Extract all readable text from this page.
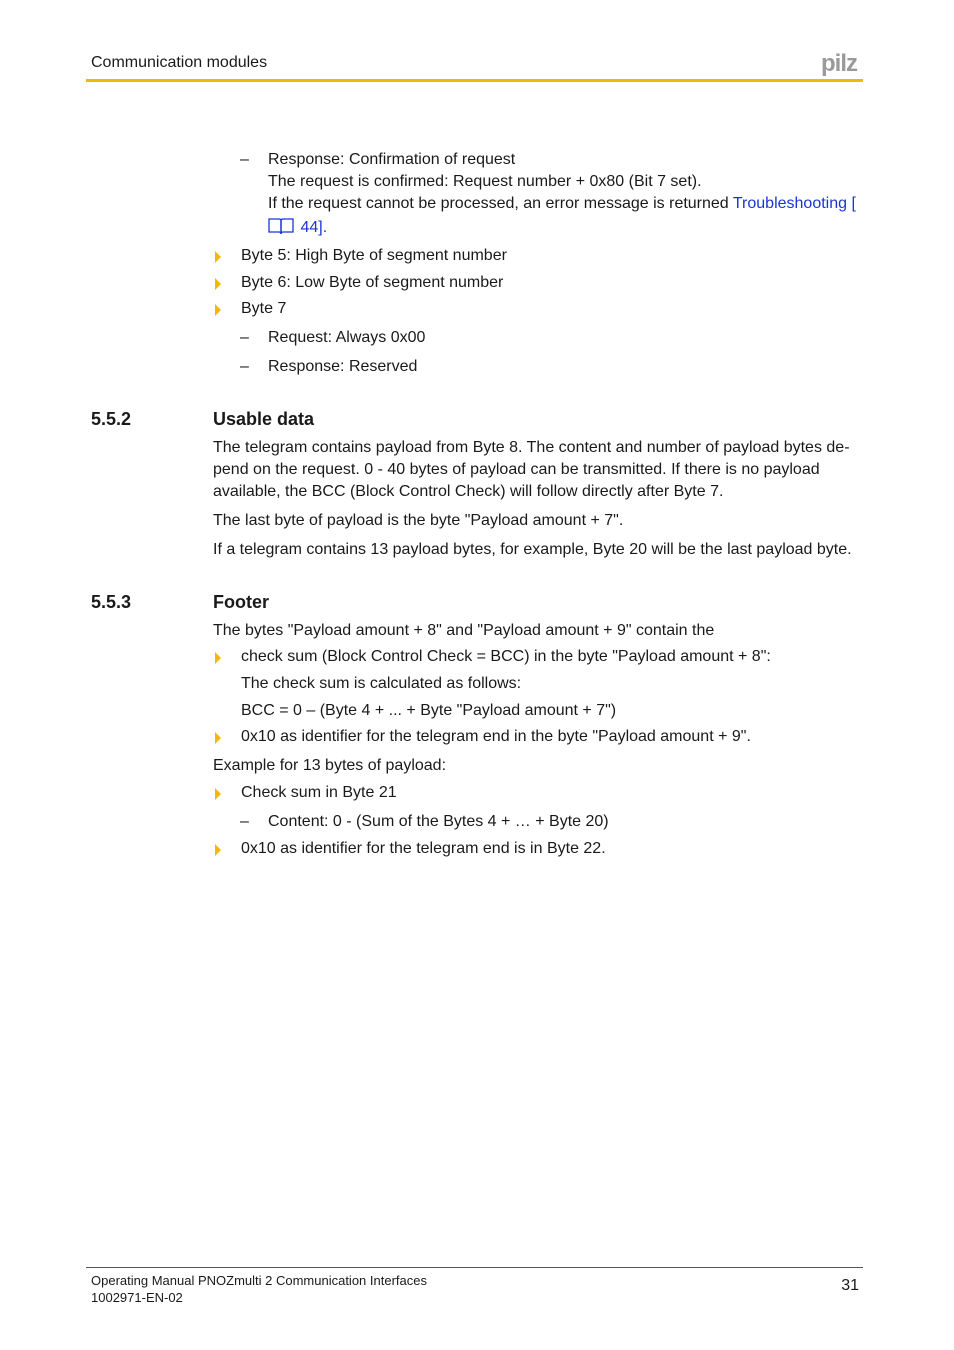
Communication modules	pilz
– Response: Confirmation of request
The request is confirmed: Request number + 0x80 (Bit 7 set).
If the request cannot be processed, an error message is returned Troubleshooting [
44].
Byte 5: High Byte of segment number
Byte 6: Low Byte of segment number
Byte 7
– Request: Always 0x00
– Response: Reserved
5.5.2	Usable data
The telegram contains payload from Byte 8. The content and number of payload bytes de-
pend on the request. 0 - 40 bytes of payload can be transmitted. If there is no payload
available, the BCC (Block Control Check) will follow directly after Byte 7.
The last byte of payload is the byte "Payload amount + 7".
If a telegram contains 13 payload bytes, for example, Byte 20 will be the last payload byte.
5.5.3	Footer
The bytes "Payload amount + 8" and "Payload amount + 9" contain the
check sum (Block Control Check = BCC) in the byte "Payload amount + 8":
The check sum is calculated as follows:
BCC = 0 – (Byte 4 + ... + Byte "Payload amount + 7")
0x10 as identifier for the telegram end in the byte "Payload amount + 9".
Example for 13 bytes of payload:
Check sum in Byte 21
– Content: 0 - (Sum of the Bytes 4 + … + Byte 20)
0x10 as identifier for the telegram end is in Byte 22.
Operating Manual PNOZmulti 2 Communication Interfaces
1002971-EN-02
31
